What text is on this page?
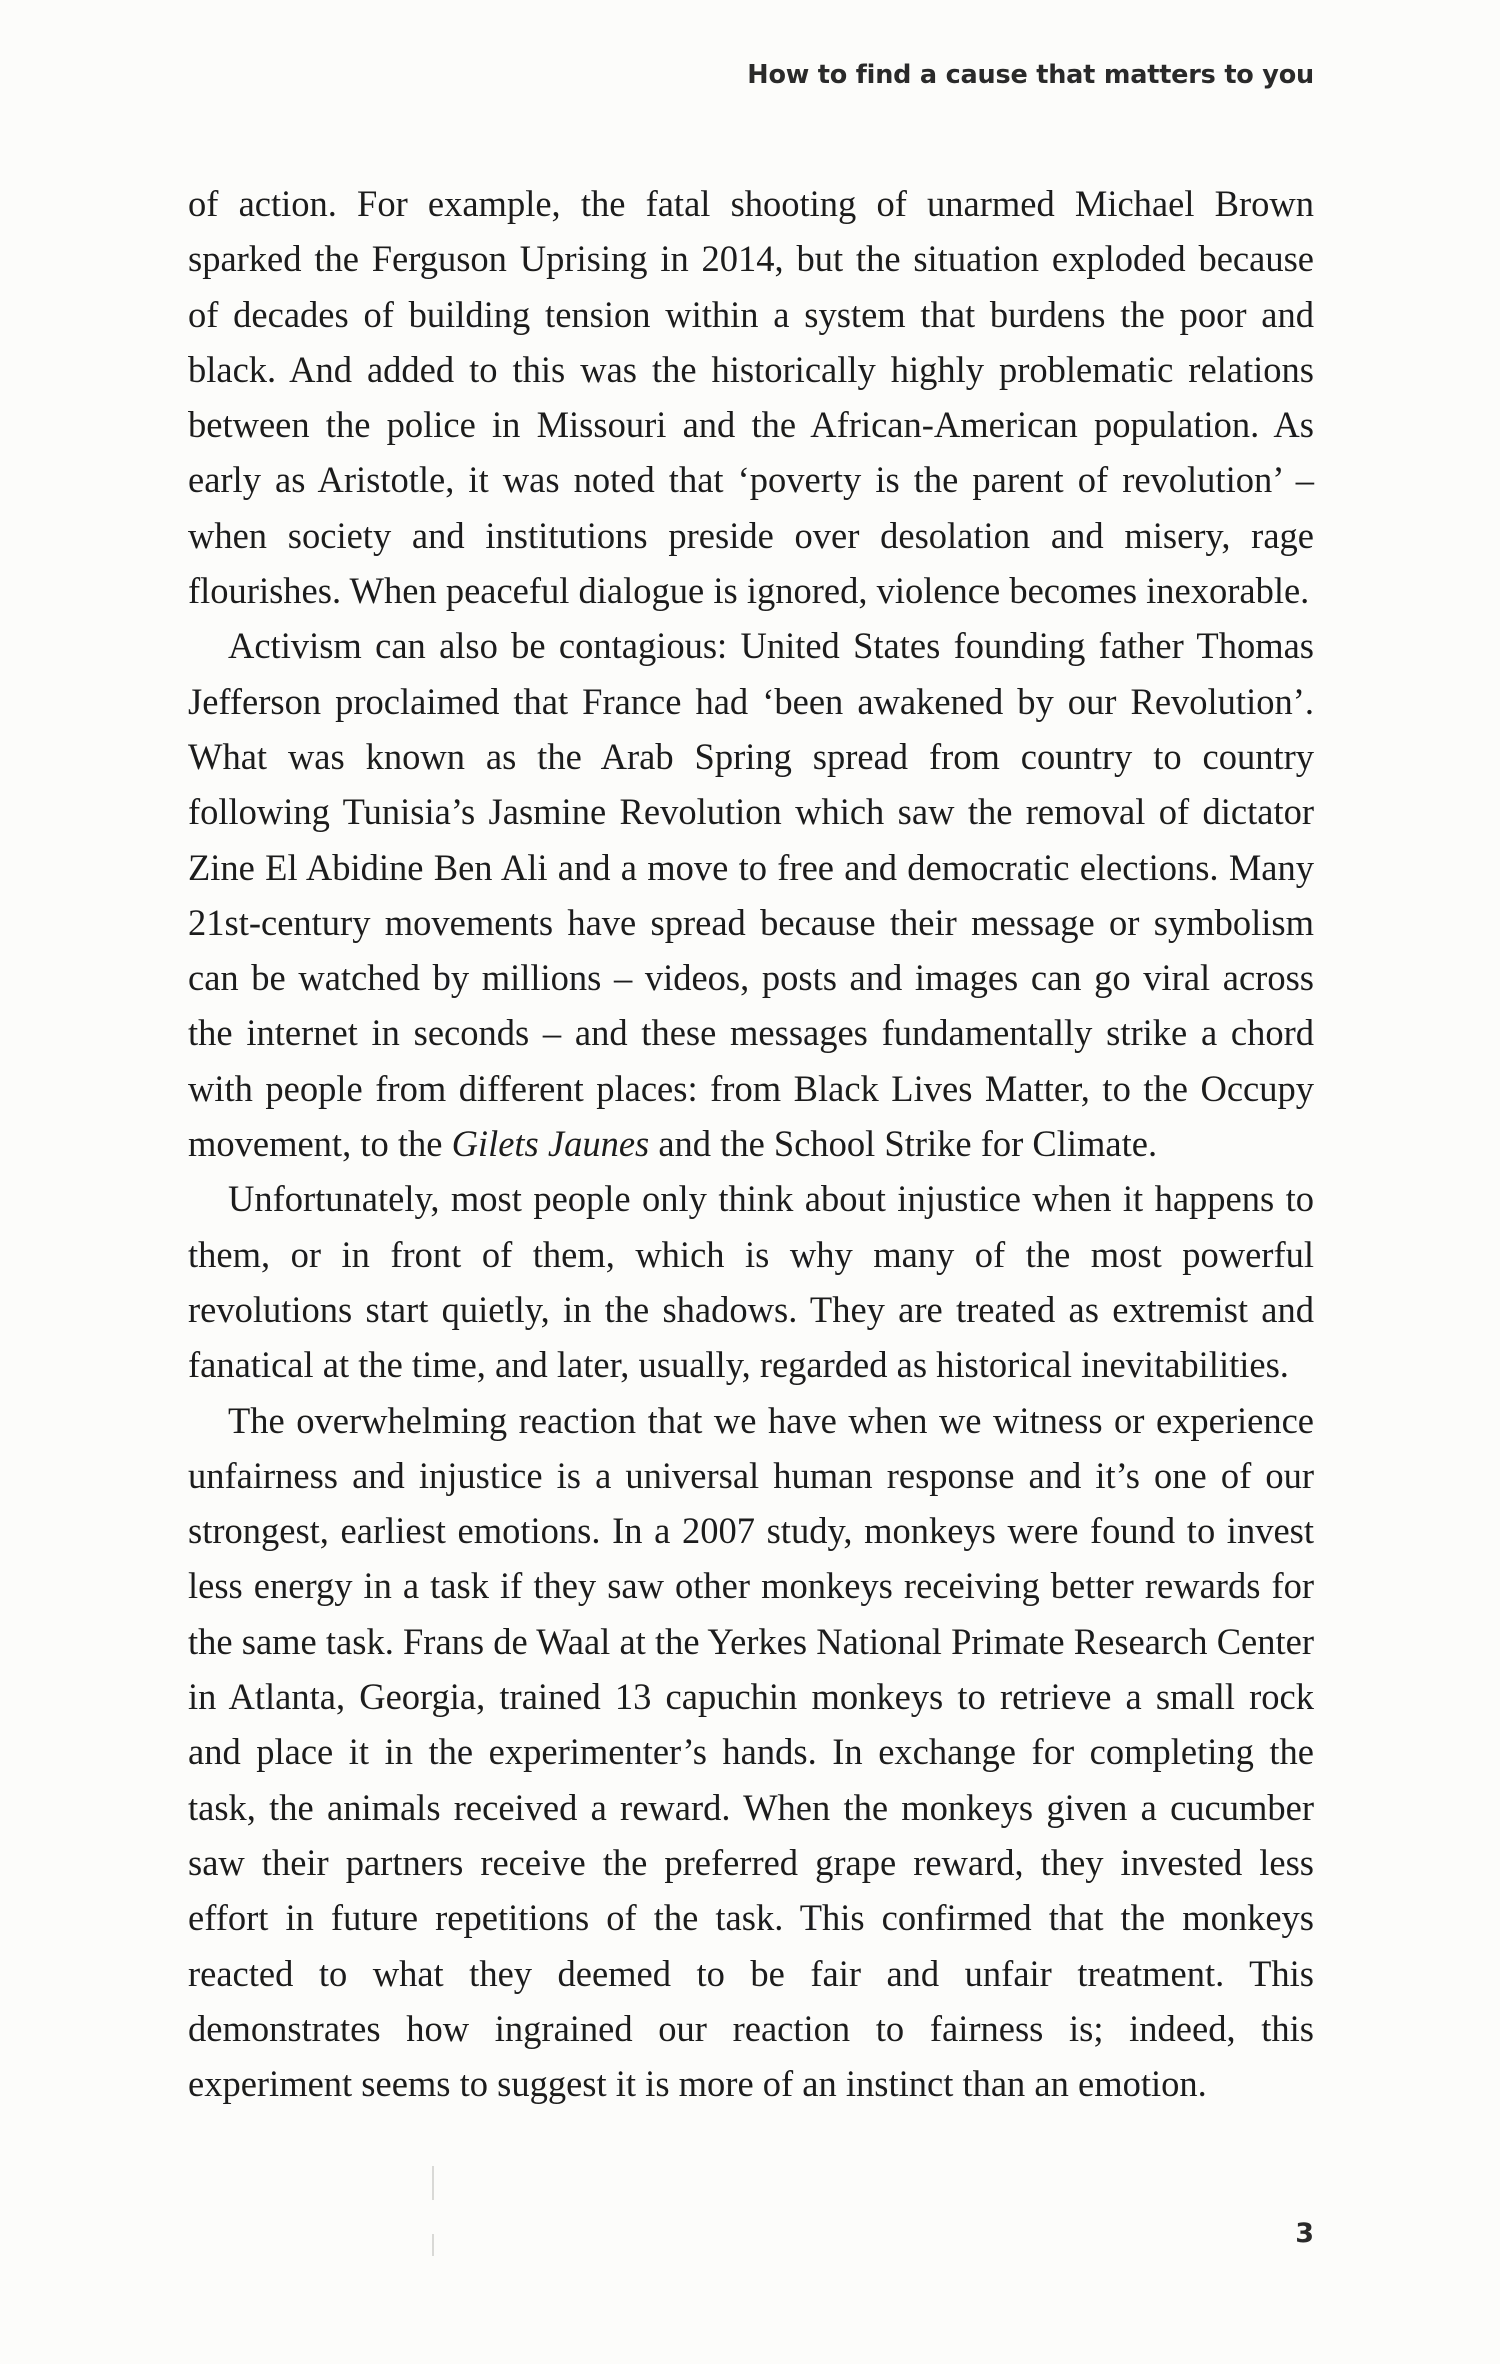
How to find a cause that matters to you

of action. For example, the fatal shooting of unarmed Michael Brown sparked the Ferguson Uprising in 2014, but the situation exploded because of decades of building tension within a system that burdens the poor and black. And added to this was the historically highly problematic relations between the police in Missouri and the African-American population. As early as Aristotle, it was noted that ‘poverty is the parent of revolution’ – when society and institutions preside over desolation and misery, rage flourishes. When peaceful dialogue is ignored, violence becomes inexorable.

Activism can also be contagious: United States founding father Thomas Jefferson proclaimed that France had ‘been awakened by our Revolution’. What was known as the Arab Spring spread from country to country following Tunisia’s Jasmine Revolution which saw the removal of dictator Zine El Abidine Ben Ali and a move to free and democratic elections. Many 21st-century movements have spread because their message or symbolism can be watched by millions – videos, posts and images can go viral across the internet in seconds – and these messages fundamentally strike a chord with people from different places: from Black Lives Matter, to the Occupy movement, to the Gilets Jaunes and the School Strike for Climate.

Unfortunately, most people only think about injustice when it happens to them, or in front of them, which is why many of the most powerful revolutions start quietly, in the shadows. They are treated as extremist and fanatical at the time, and later, usually, regarded as historical inevitabilities.

The overwhelming reaction that we have when we witness or experience unfairness and injustice is a universal human response and it’s one of our strongest, earliest emotions. In a 2007 study, monkeys were found to invest less energy in a task if they saw other monkeys receiving better rewards for the same task. Frans de Waal at the Yerkes National Primate Research Center in Atlanta, Georgia, trained 13 capuchin monkeys to retrieve a small rock and place it in the experimenter’s hands. In exchange for completing the task, the animals received a reward. When the monkeys given a cucumber saw their partners receive the preferred grape reward, they invested less effort in future repetitions of the task. This confirmed that the monkeys reacted to what they deemed to be fair and unfair treatment. This demonstrates how ingrained our reaction to fairness is; indeed, this experiment seems to suggest it is more of an instinct than an emotion.

3
